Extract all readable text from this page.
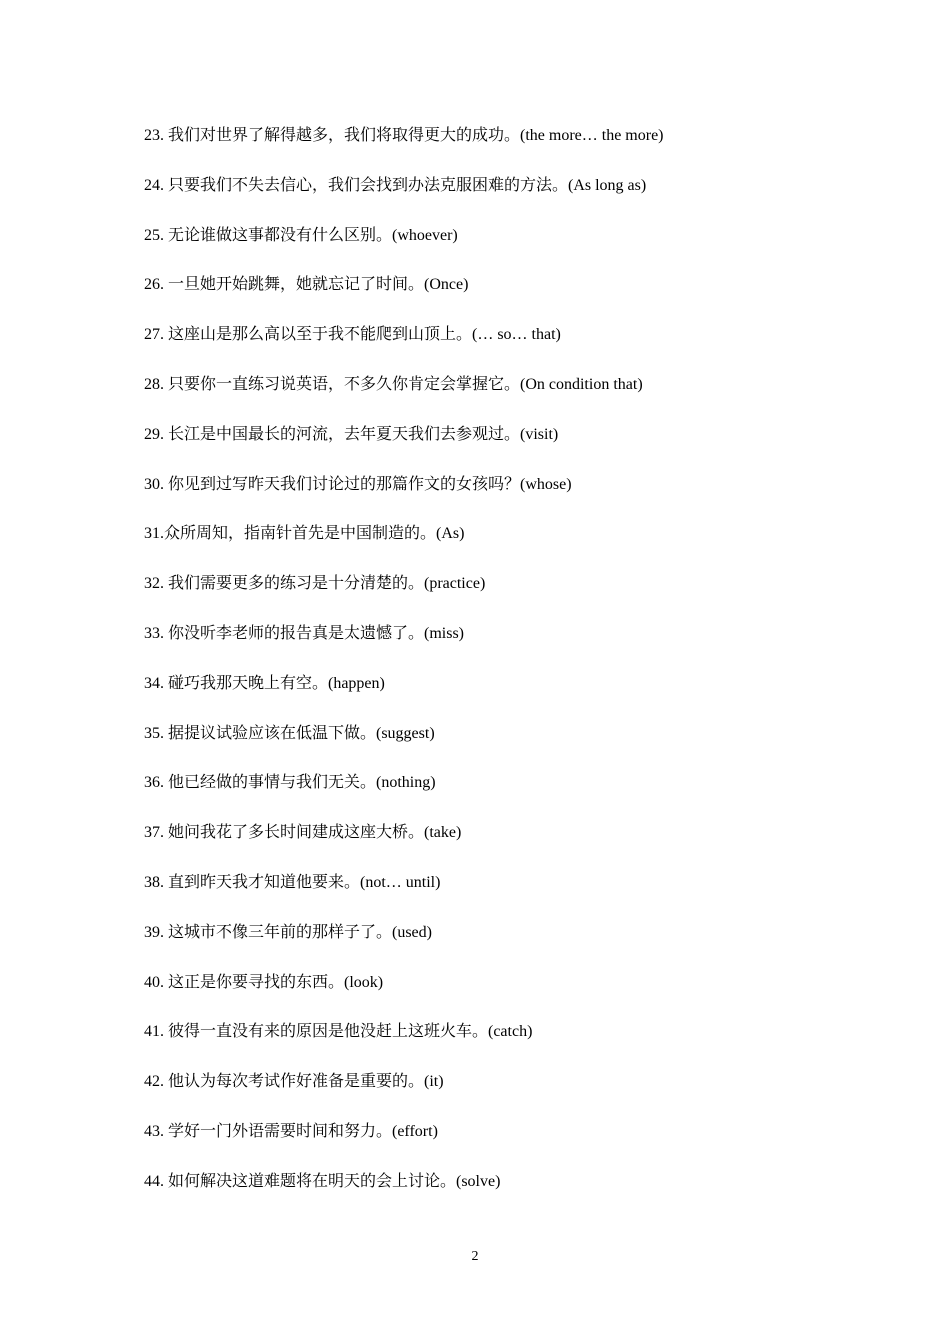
23. 我们对世界了解得越多，我们将取得更大的成功。(the more… the more)
24. 只要我们不失去信心，我们会找到办法克服困难的方法。(As long as)
25. 无论谁做这事都没有什么区别。(whoever)
26. 一旦她开始跳舞，她就忘记了时间。(Once)
27. 这座山是那么高以至于我不能爬到山顶上。(… so… that)
28. 只要你一直练习说英语，不多久你肯定会掌握它。(On condition that)
29. 长江是中国最长的河流，去年夏天我们去参观过。(visit)
30. 你见到过写昨天我们讨论过的那篇作文的女孩吗？(whose)
31.众所周知，指南针首先是中国制造的。(As)
32. 我们需要更多的练习是十分清楚的。(practice)
33. 你没听李老师的报告真是太遗憾了。(miss)
34. 碰巧我那天晚上有空。(happen)
35. 据提议试验应该在低温下做。(suggest)
36. 他已经做的事情与我们无关。(nothing)
37. 她问我花了多长时间建成这座大桥。(take)
38. 直到昨天我才知道他要来。(not… until)
39. 这城市不像三年前的那样子了。(used)
40. 这正是你要寻找的东西。(look)
41. 彼得一直没有来的原因是他没赶上这班火车。(catch)
42. 他认为每次考试作好准备是重要的。(it)
43. 学好一门外语需要时间和努力。(effort)
44. 如何解决这道难题将在明天的会上讨论。(solve)
2
